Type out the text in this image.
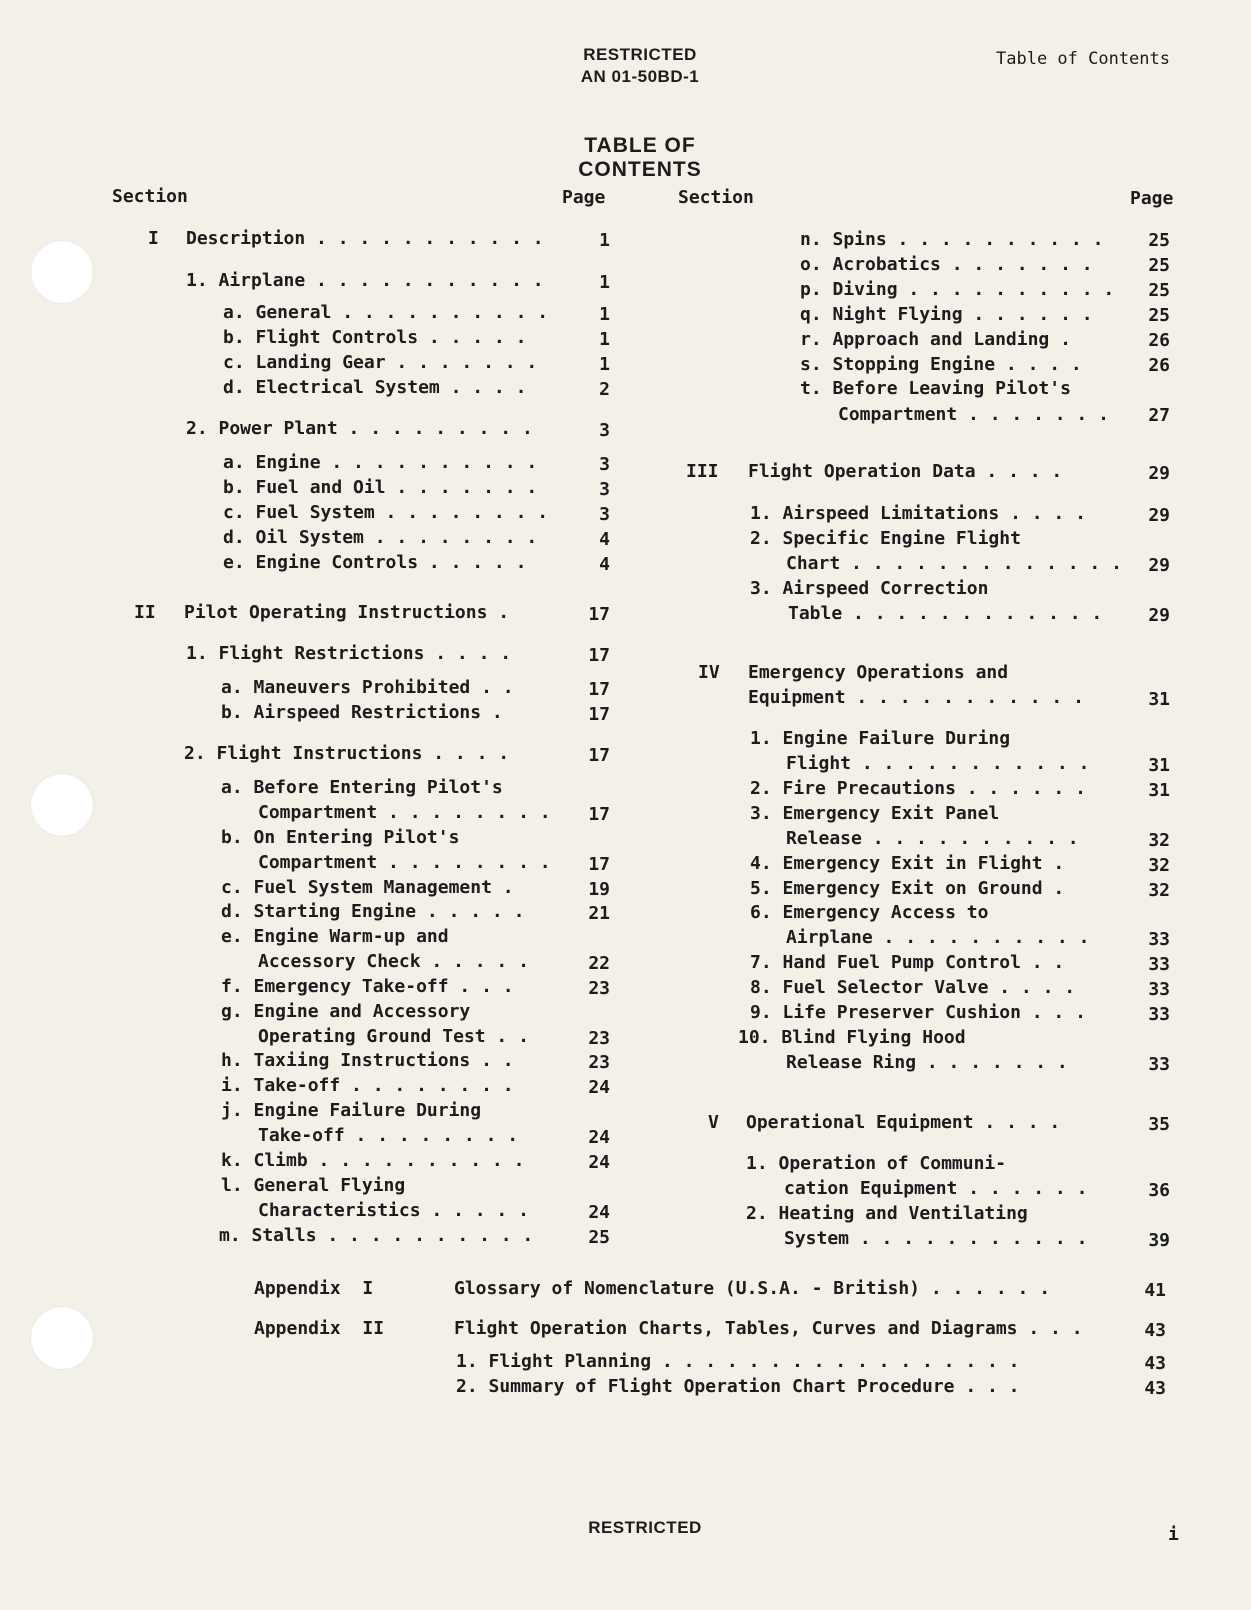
RESTRICTED
AN 01-50BD-1
Table of Contents
TABLE OF CONTENTS
Section	Page	Section	Page
I Description . . . . . . . . . . .	1
1. Airplane . . . . . . . . . . .	1
a. General . . . . . . . . . .	1
b. Flight Controls . . . . .	1
c. Landing Gear . . . . . . .	1
d. Electrical System . . . .	2
2. Power Plant . . . . . . . . .	3
a. Engine . . . . . . . . . .	3
b. Fuel and Oil . . . . . . .	3
c. Fuel System . . . . . . . .	3
d. Oil System . . . . . . . .	4
e. Engine Controls . . . . .	4
II Pilot Operating Instructions .	17
1. Flight Restrictions . . . .	17
a. Maneuvers Prohibited . .	17
b. Airspeed Restrictions .	17
2. Flight Instructions . . . .	17
a. Before Entering Pilot's
Compartment . . . . . . . .	17
b. On Entering Pilot's
Compartment . . . . . . . .	17
c. Fuel System Management .	19
d. Starting Engine . . . . .	21
e. Engine Warm-up and
Accessory Check . . . . .	22
f. Emergency Take-off . . .	23
g. Engine and Accessory
Operating Ground Test . .	23
h. Taxiing Instructions . .	23
i. Take-off . . . . . . . .	24
j. Engine Failure During
Take-off . . . . . . . .	24
k. Climb . . . . . . . . . .	24
l. General Flying
Characteristics . . . . .	24
m. Stalls . . . . . . . . . .	25
n. Spins . . . . . . . . . .	25
o. Acrobatics . . . . . . .	25
p. Diving . . . . . . . . . .	25
q. Night Flying . . . . . .	25
r. Approach and Landing .	26
s. Stopping Engine . . . .	26
t. Before Leaving Pilot's
Compartment . . . . . . .	27
III Flight Operation Data . . . .	29
1. Airspeed Limitations . . . .	29
2. Specific Engine Flight
Chart . . . . . . . . . . . . .	29
3. Airspeed Correction
Table . . . . . . . . . . . .	29
IV Emergency Operations and
Equipment . . . . . . . . . . .	31
1. Engine Failure During
Flight . . . . . . . . . . .	31
2. Fire Precautions . . . . . .	31
3. Emergency Exit Panel
Release . . . . . . . . . .	32
4. Emergency Exit in Flight .	32
5. Emergency Exit on Ground .	32
6. Emergency Access to
Airplane . . . . . . . . . .	33
7. Hand Fuel Pump Control . .	33
8. Fuel Selector Valve . . . .	33
9. Life Preserver Cushion . . .	33
10. Blind Flying Hood
Release Ring . . . . . . .	33
V Operational Equipment . . . .	35
1. Operation of Communi-
cation Equipment . . . . . .	36
2. Heating and Ventilating
System . . . . . . . . . . .	39
Appendix  I	Glossary of Nomenclature (U.S.A. - British) . . . . . .	41
Appendix  II	Flight Operation Charts, Tables, Curves and Diagrams . . .	43
1. Flight Planning . . . . . . . . . . . . . . . . .	43
2. Summary of Flight Operation Chart Procedure . . .	43
RESTRICTED	i
